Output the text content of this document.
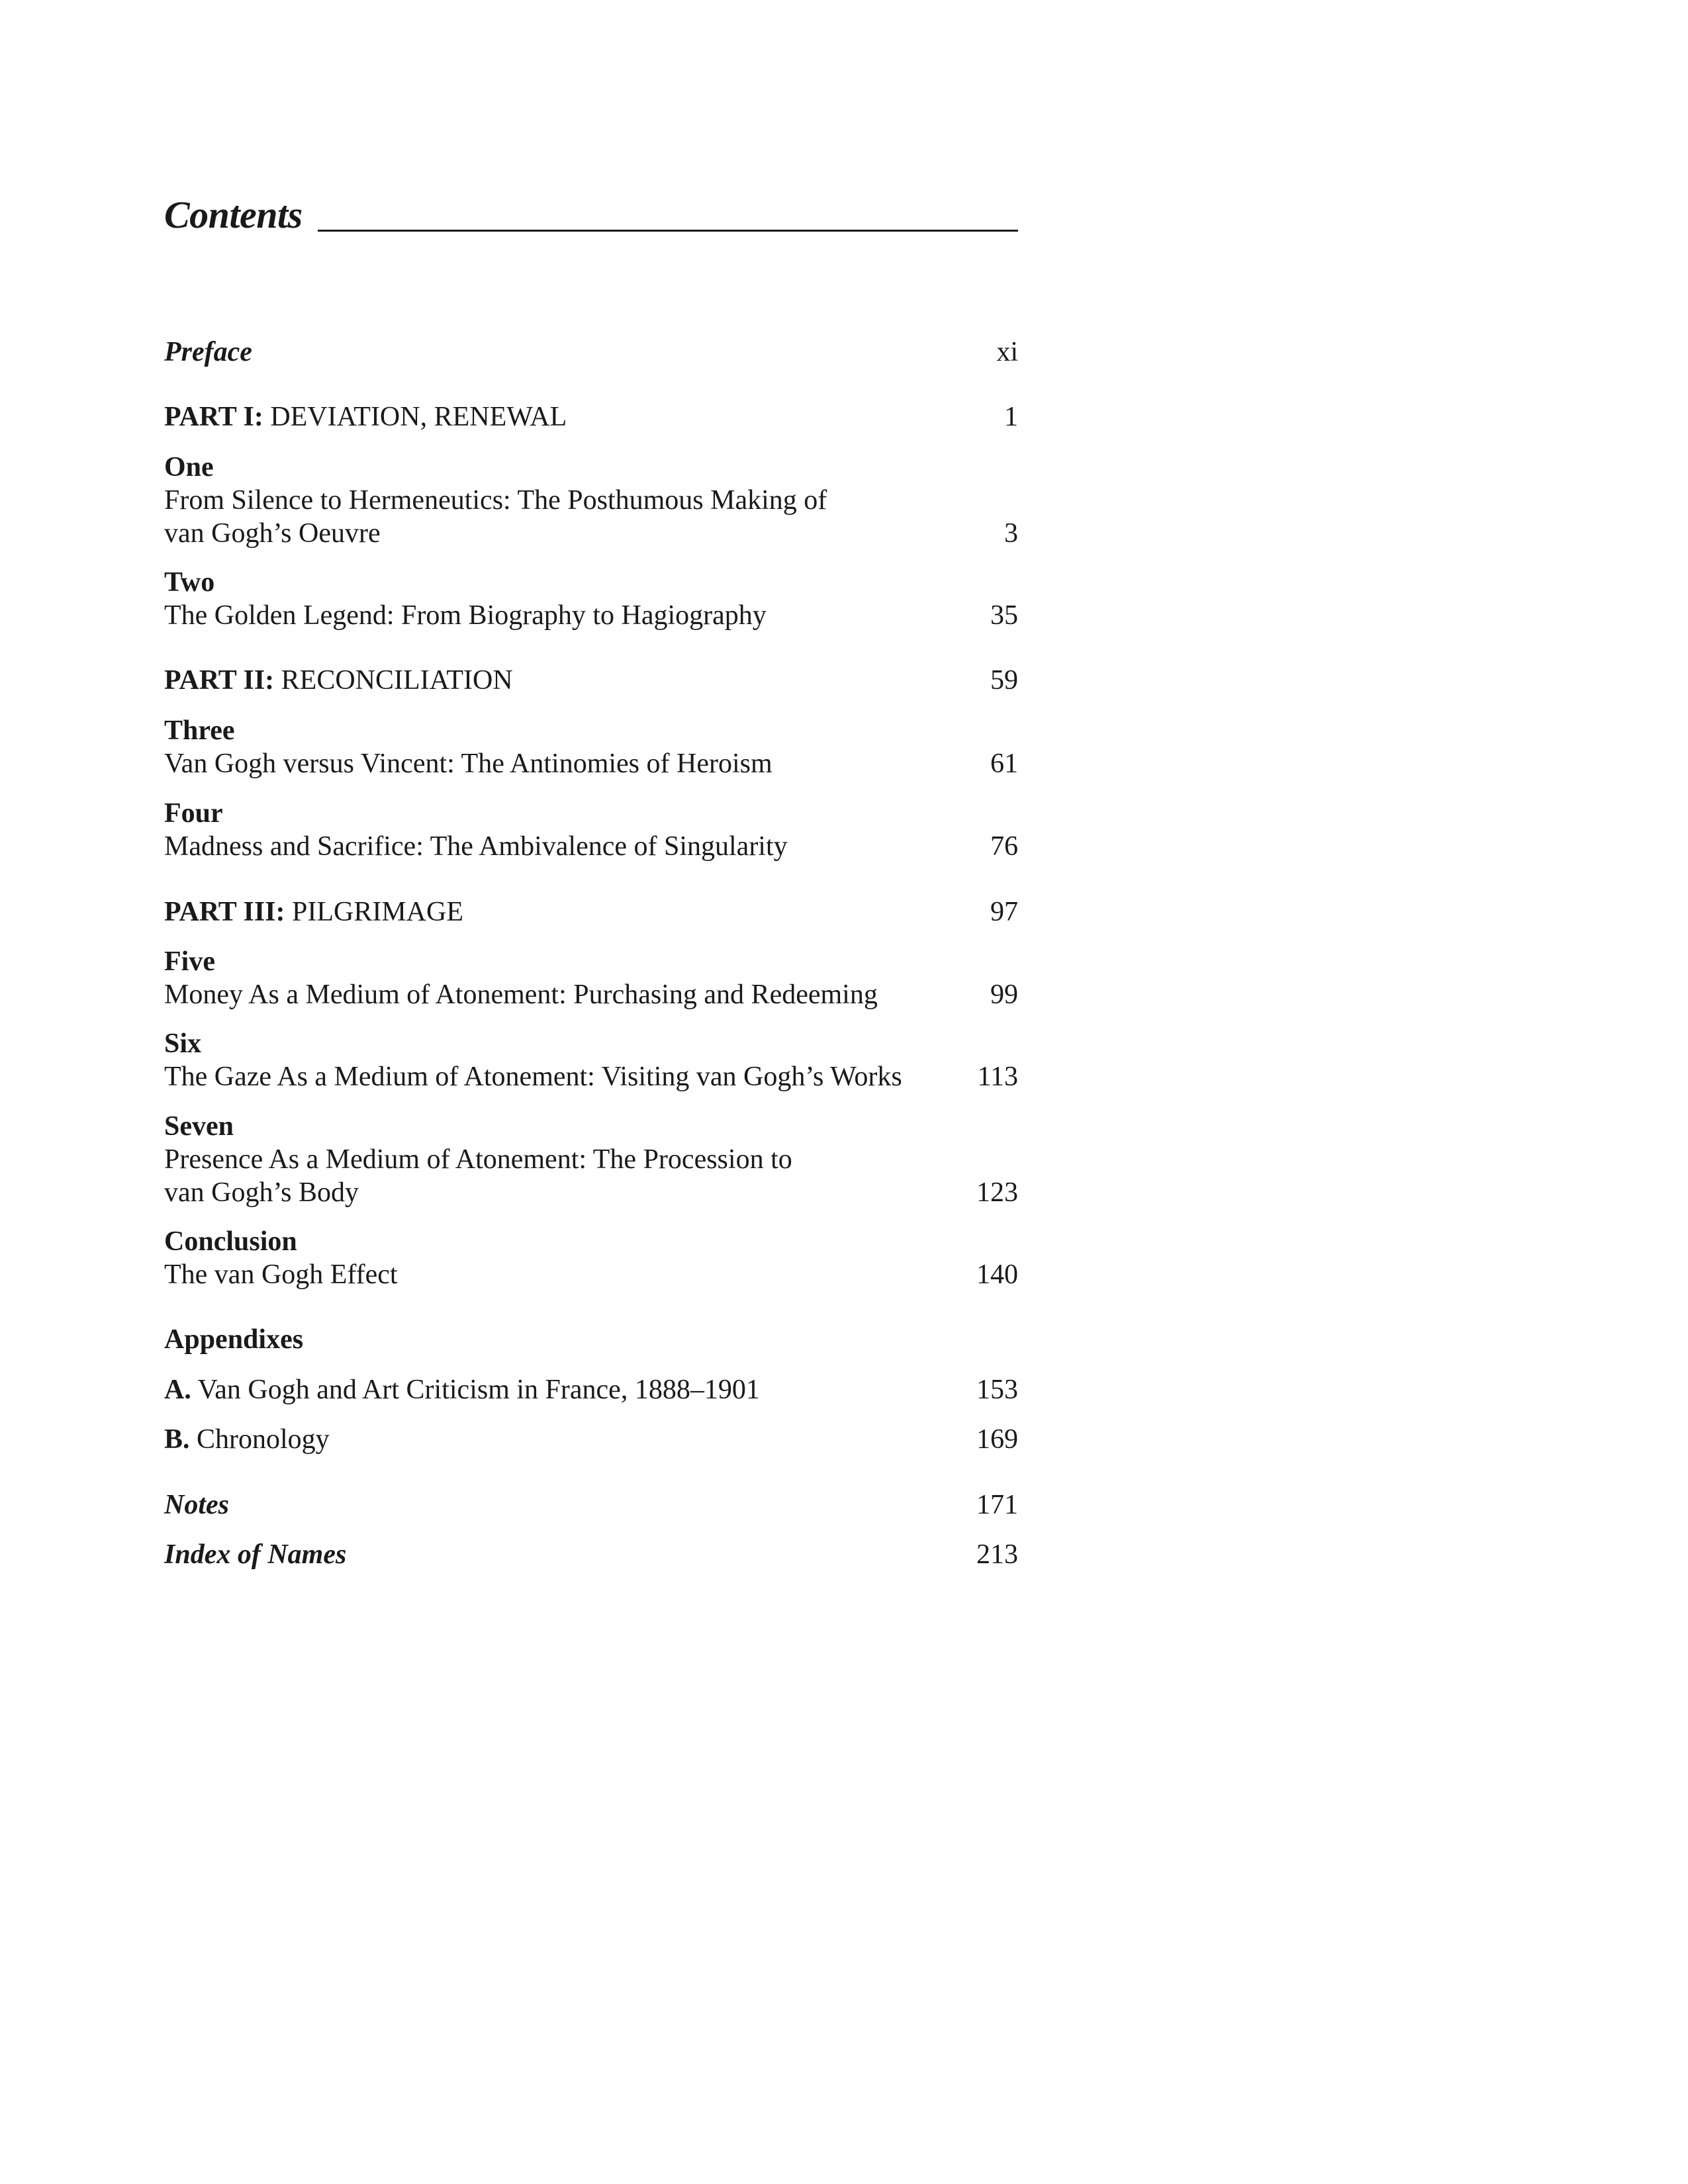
Contents
Preface	xi
PART I: DEVIATION, RENEWAL	1
One
From Silence to Hermeneutics: The Posthumous Making of
van Gogh’s Oeuvre	3
Two
The Golden Legend: From Biography to Hagiography	35
PART II: RECONCILIATION	59
Three
Van Gogh versus Vincent: The Antinomies of Heroism	61
Four
Madness and Sacrifice: The Ambivalence of Singularity	76
PART III: PILGRIMAGE	97
Five
Money As a Medium of Atonement: Purchasing and Redeeming	99
Six
The Gaze As a Medium of Atonement: Visiting van Gogh’s Works	113
Seven
Presence As a Medium of Atonement: The Procession to
van Gogh’s Body	123
Conclusion
The van Gogh Effect	140
Appendixes
A. Van Gogh and Art Criticism in France, 1888–1901	153
B. Chronology	169
Notes	171
Index of Names	213
